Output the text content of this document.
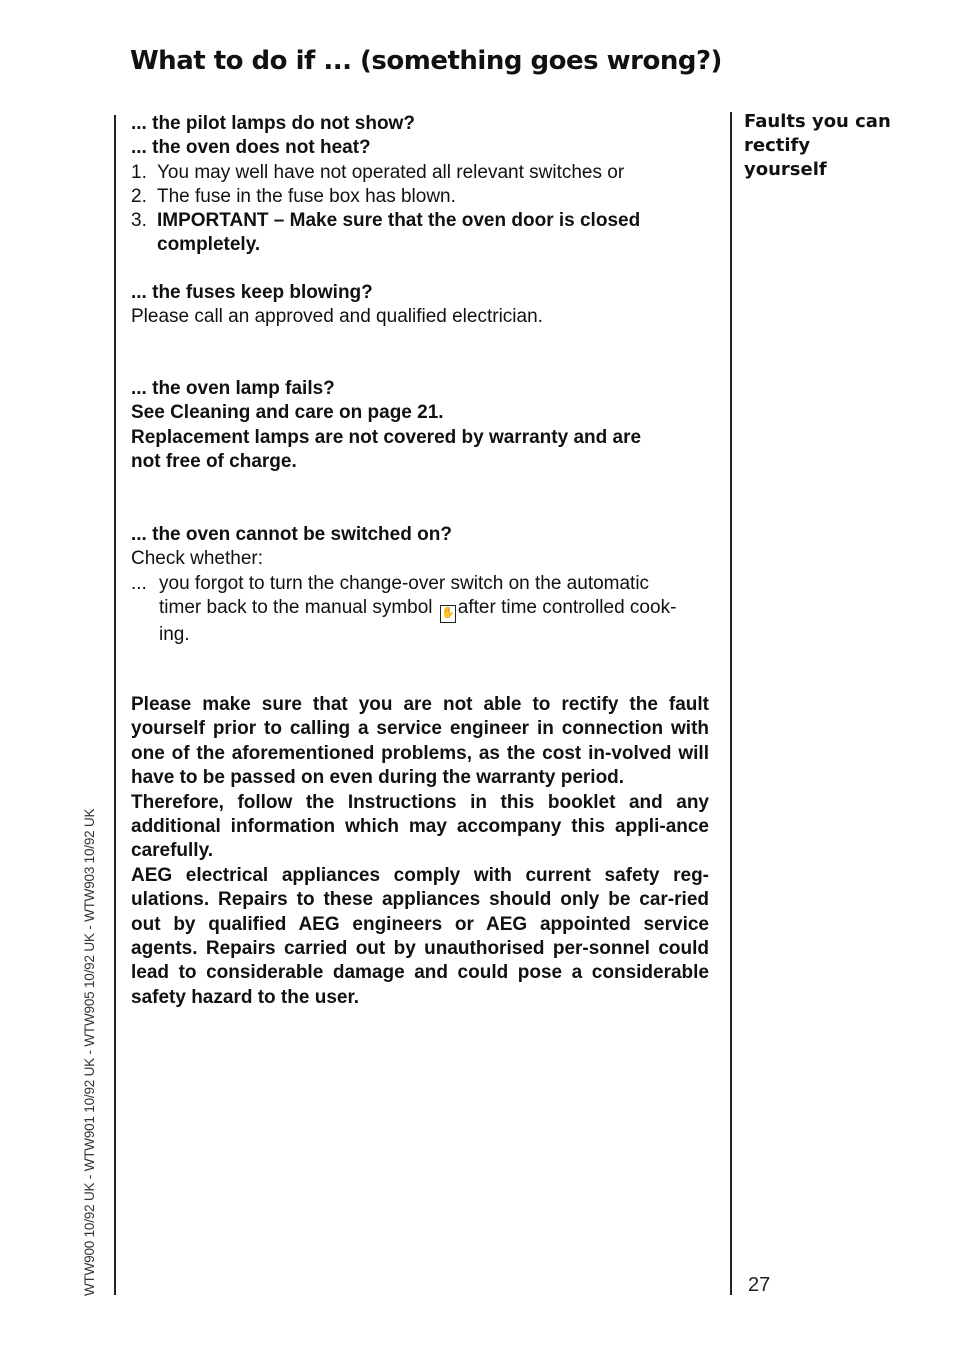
What to do if ... (something goes wrong?)
WTW900 10/92 UK - WTW901 10/92 UK - WTW905 10/92 UK - WTW903 10/92 UK
Faults you can rectify yourself
27
... the pilot lamps do not show?
... the oven does not heat?
1. You may well have not operated all relevant switches or
2. The fuse in the fuse box has blown.
3. IMPORTANT – Make sure that the oven door is closed
completely.
... the fuses keep blowing?
Please call an approved and qualified electrician.
... the oven lamp fails?
See Cleaning and care on page 21.
Replacement lamps are not covered by warranty and are
not free of charge.
... the oven cannot be switched on?
Check whether:
... you forgot to turn the change-over switch on the automatic
timer back to the manual symbol ✋ after time controlled cook-
ing.

Please make sure that you are not able to rectify the fault yourself prior to calling a service engineer in connection with one of the aforementioned problems, as the cost in-volved will have to be passed on even during the warranty period.

Therefore, follow the Instructions in this booklet and any additional information which may accompany this appli-ance carefully.

AEG electrical appliances comply with current safety reg-ulations. Repairs to these appliances should only be car-ried out by qualified AEG engineers or AEG appointed service agents. Repairs carried out by unauthorised per-sonnel could lead to considerable damage and could pose a considerable safety hazard to the user.
